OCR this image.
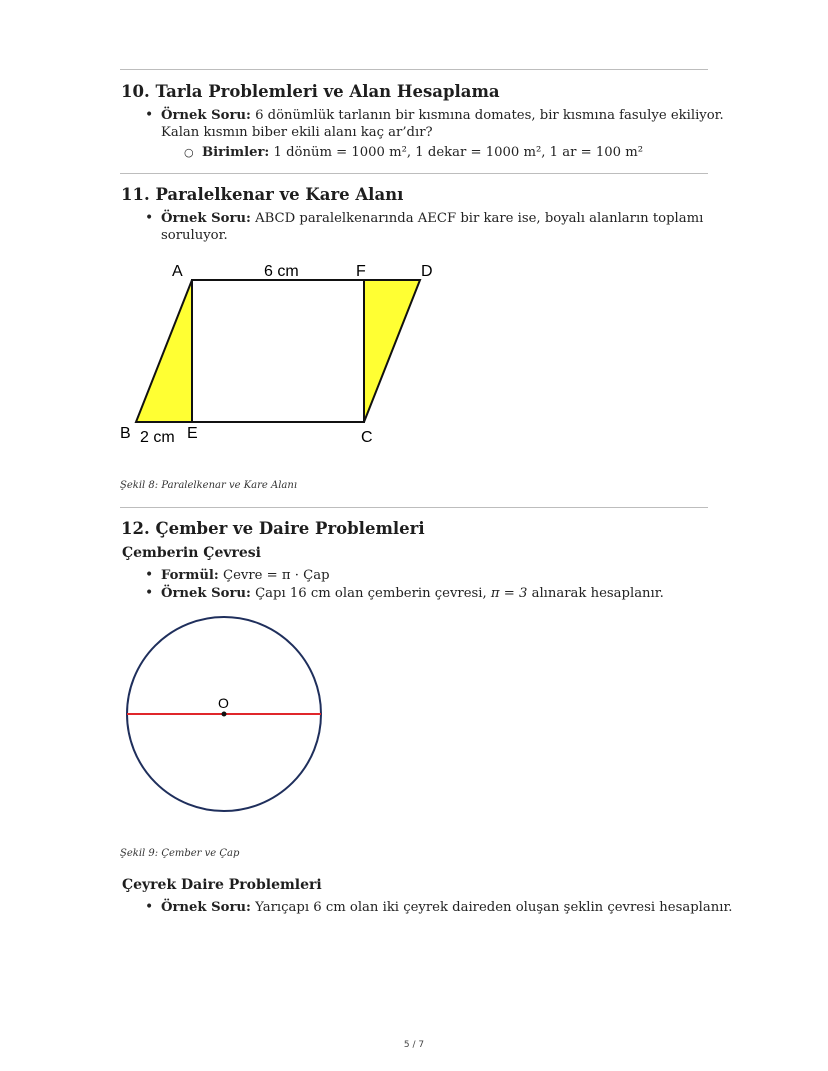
10. Tarla Problemleri ve Alan Hesaplama
• Örnek Soru: 6 dönümlük tarlanın bir kısmına domates, bir kısmına fasulye ekiliyor.
Kalan kısmın biber ekili alanı kaç ar’dır?
○ Birimler: 1 dönüm = 1000 m², 1 dekar = 1000 m², 1 ar = 100 m²
11. Paralelkenar ve Kare Alanı
• Örnek Soru: ABCD paralelkenarında AECF bir kare ise, boyalı alanların toplamı
soruluyor.
A	6 cm	F	D
B 2 cm E	C
Şekil 8: Paralelkenar ve Kare Alanı
12. Çember ve Daire Problemleri
Çemberin Çevresi
• Formül: Çevre = π · Çap
• Örnek Soru: Çapı 16 cm olan çemberin çevresi, π = 3 alınarak hesaplanır.
O
Şekil 9: Çember ve Çap
Çeyrek Daire Problemleri
• Örnek Soru: Yarıçapı 6 cm olan iki çeyrek daireden oluşan şeklin çevresi hesaplanır.
5 / 7
